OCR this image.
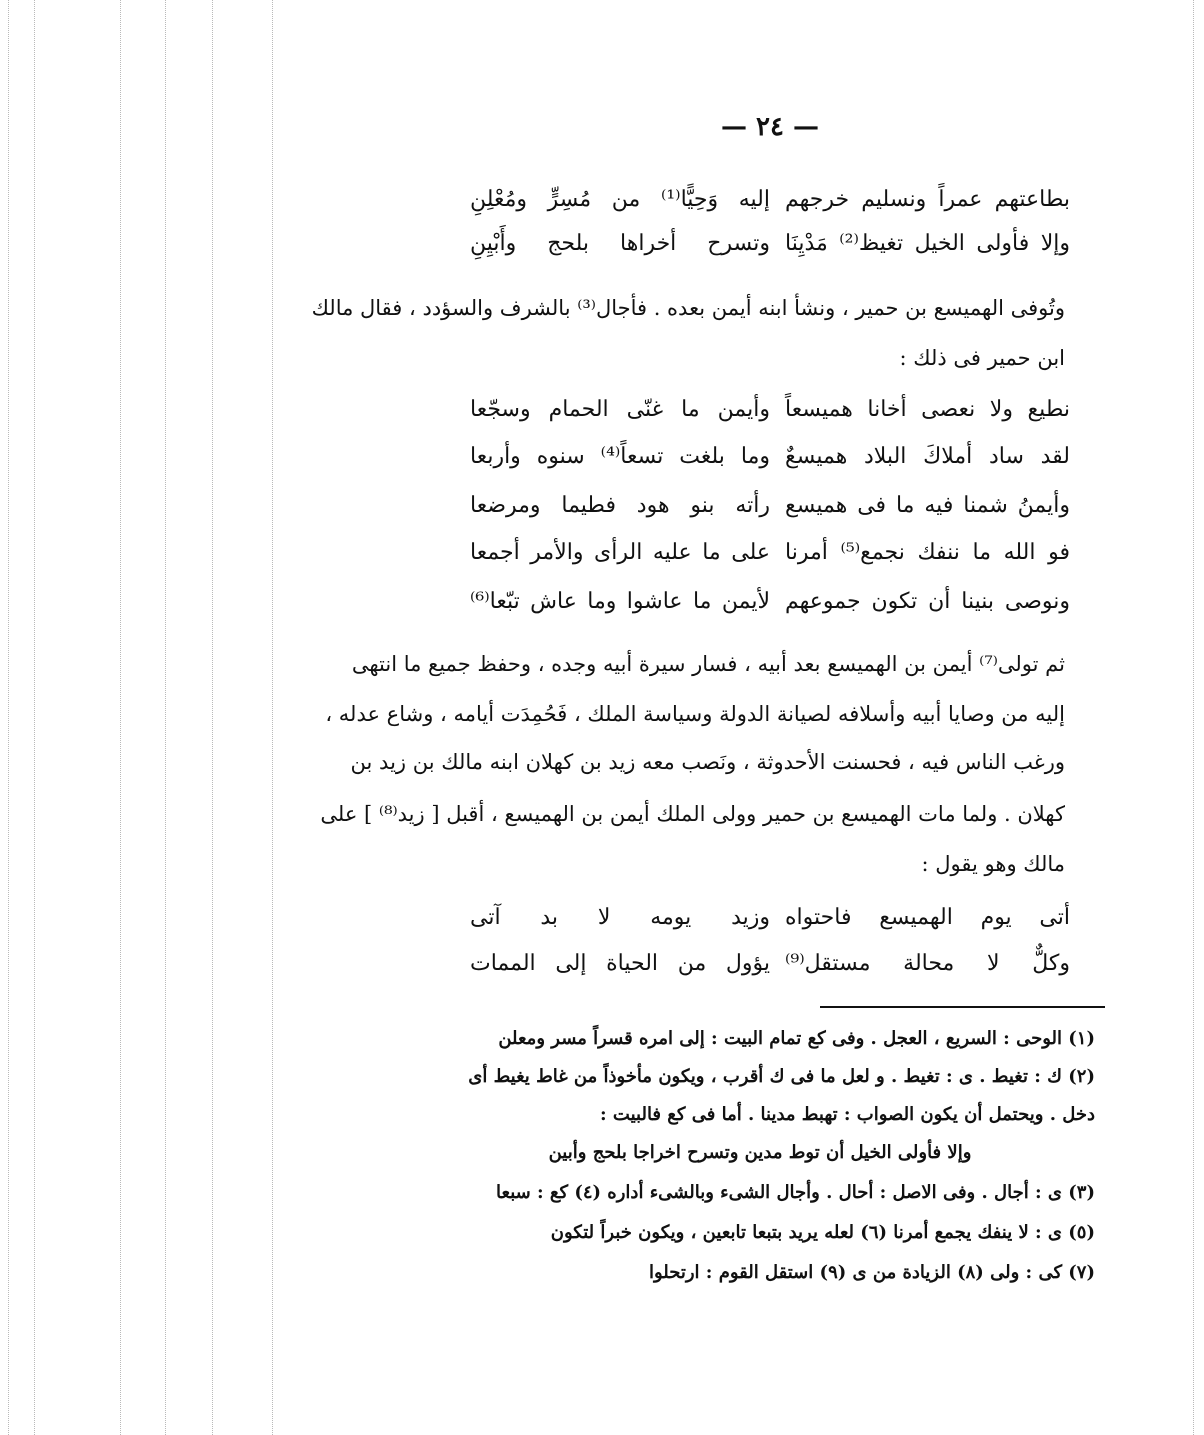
— ٢٤ —
بطاعتهم عمراً ونسليم خرجهم
إليه وَحِيًّا⁽¹⁾ من مُسِرٍّ ومُعْلِنِ
وإلا فأولى الخيل تغيظ⁽²⁾ مَدْيِنَا
وتسرح أخراها بلحج وأَبْيِنِ
وتُوفى الهميسع بن حمير ، ونشأ ابنه أيمن بعده . فأجال⁽³⁾ بالشرف والسؤدد ، فقال مالك
ابن حمير فى ذلك :
نطيع ولا نعصى أخانا هميسعاً
وأيمن ما غنّى الحمام وسجّعا
لقد ساد أملاكَ البلاد هميسعٌ
وما بلغت تسعاً⁽⁴⁾ سنوه وأربعا
وأيمنُ شمنا فيه ما فى هميسع
رأته بنو هود فطيما ومرضعا
فو الله ما ننفك نجمع⁽⁵⁾ أمرنا
على ما عليه الرأى والأمر أجمعا
ونوصى بنينا أن تكون جموعهم
لأيمن ما عاشوا وما عاش تبّعا⁽⁶⁾
ثم تولى⁽⁷⁾ أيمن بن الهميسع بعد أبيه ، فسار سيرة أبيه وجده ، وحفظ جميع ما انتهى
إليه من وصايا أبيه وأسلافه لصيانة الدولة وسياسة الملك ، فَحُمِدَت أيامه ، وشاع عدله ،
ورغب الناس فيه ، فحسنت الأحدوثة ، ونَصب معه زيد بن كهلان ابنه مالك بن زيد بن
كهلان . ولما مات الهميسع بن حمير وولى الملك أيمن بن الهميسع ، أقبل [ زيد⁽⁸⁾ ] على
مالك وهو يقول :
أتى يوم الهميسع فاحتواه
وزيد يومه لا بد آتى
وكلٌّ لا محالة مستقل⁽⁹⁾
يؤول من الحياة إلى الممات
(١) الوحى : السريع ، العجل . وفى كع تمام البيت : إلى امره قسراً مسر ومعلن
(٢) ك : تغيط . ى : تغيط . و لعل ما فى ك أقرب ، ويكون مأخوذاً من غاط يغيط أى
دخل . ويحتمل أن يكون الصواب : تهبط مدينا . أما فى كع فالبيت :
وإلا فأولى الخيل أن توط مدين وتسرح اخراجا بلحج وأبين
(٣) ى : أجال . وفى الاصل : أحال . وأجال الشىء وبالشىء أداره (٤) كع : سبعا
(٥) ى : لا ينفك يجمع أمرنا (٦) لعله يريد بتبعا تابعين ، ويكون خبراً لتكون
(٧) كى : ولى (٨) الزيادة من ى (٩) استقل القوم : ارتحلوا
